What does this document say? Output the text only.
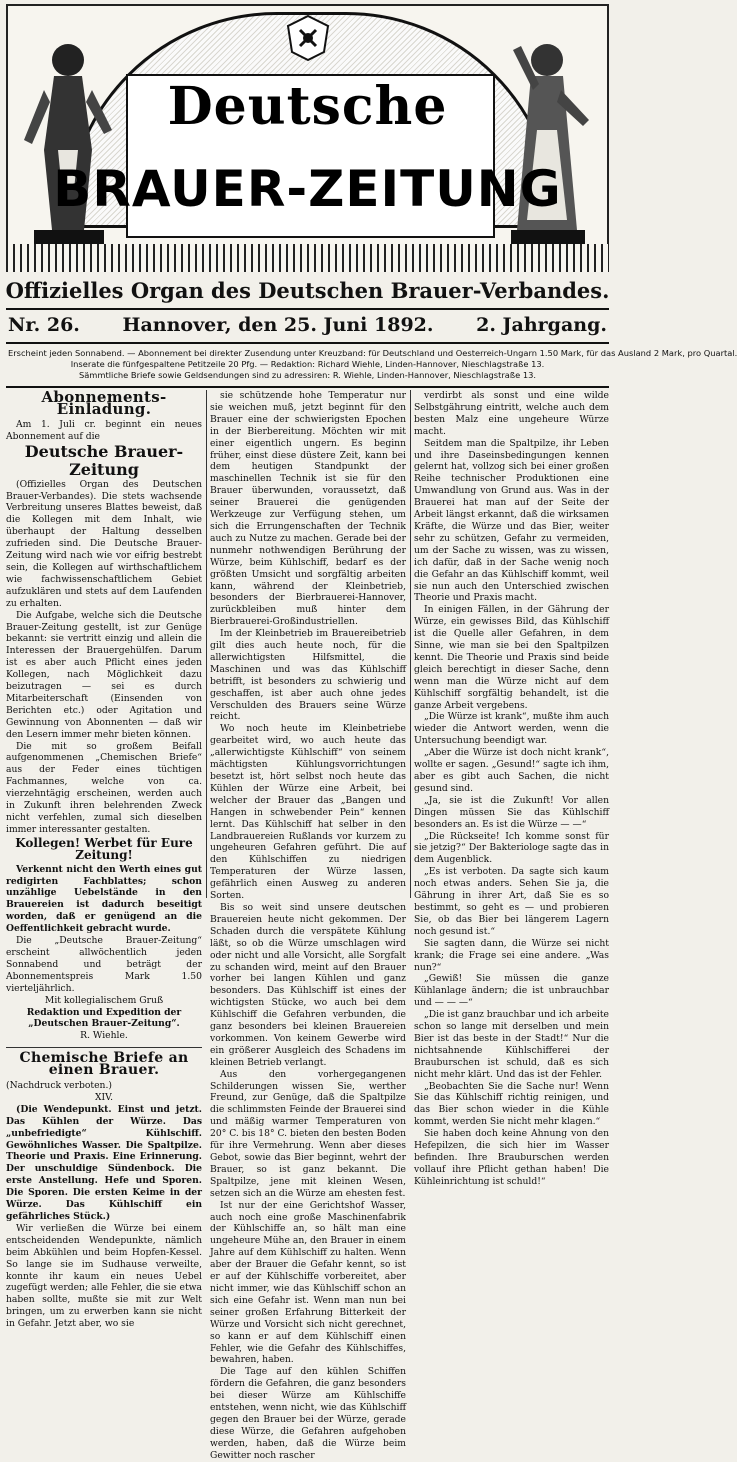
Deutsche
BRAUER-ZEITUNG
Offizielles Organ des Deutschen Brauer-Verbandes.
Nr. 26. Hannover, den 25. Juni 1892. 2. Jahrgang.
Erscheint jeden Sonnabend. — Abonnement bei direkter Zusendung unter Kreuzband: für Deutschland und Oesterreich-Ungarn 1.50 Mark, für das Ausland 2 Mark, pro Quartal.
Inserate die fünfgespaltene Petitzeile 20 Pfg. — Redaktion: Richard Wiehle, Linden-Hannover, Nieschlagstraße 13.
Sämmtliche Briefe sowie Geldsendungen sind zu adressiren: R. Wiehle, Linden-Hannover, Nieschlagstraße 13.
Abonnements-Einladung.

Am 1. Juli cr. beginnt ein neues Abonnement auf die

Deutsche Brauer-Zeitung

(Offizielles Organ des Deutschen Brauer-Verbandes). Die stets wachsende Verbreitung unseres Blattes beweist, daß die Kollegen mit dem Inhalt, wie überhaupt der Haltung desselben zufrieden sind. Die Deutsche Brauer-Zeitung wird nach wie vor eifrig bestrebt sein, die Kollegen auf wirthschaftlichem wie fachwissenschaftlichem Gebiet aufzuklären und stets auf dem Laufenden zu erhalten.

Die Aufgabe, welche sich die Deutsche Brauer-Zeitung gestellt, ist zur Genüge bekannt: sie vertritt einzig und allein die Interessen der Brauergehülfen. Darum ist es aber auch Pflicht eines jeden Kollegen, nach Möglichkeit dazu beizutragen — sei es durch Mitarbeiterschaft (Einsenden von Berichten etc.) oder Agitation und Gewinnung von Abonnenten — daß wir den Lesern immer mehr bieten können.

Die mit so großem Beifall aufgenommenen „Chemischen Briefe“ aus der Feder eines tüchtigen Fachmannes, welche von ca. vierzehntägig erscheinen, werden auch in Zukunft ihren belehrenden Zweck nicht verfehlen, zumal sich dieselben immer interessanter gestalten.

Kollegen! Werbet für Eure Zeitung!

Verkennt nicht den Werth eines gut redigirten Fachblattes; schon unzählige Uebelstände in den Brauereien ist dadurch beseitigt worden, daß er genügend an die Oeffentlichkeit gebracht wurde.

Die „Deutsche Brauer-Zeitung“ erscheint allwöchentlich jeden Sonnabend und beträgt der Abonnementspreis Mark 1.50 vierteljährlich.

Mit kollegialischem Gruß
Redaktion und Expedition der
„Deutschen Brauer-Zeitung“.
R. Wiehle.
Chemische Briefe an einen Brauer.
(Nachdruck verboten.)
XIV.

(Die Wendepunkt. Einst und jetzt. Das Kühlen der Würze. Das „unbefriedigte“ Kühlschiff. Gewöhnliches Wasser. Die Spaltpilze. Theorie und Praxis. Eine Erinnerung. Der unschuldige Sündenbock. Die erste Anstellung. Hefe und Sporen. Die Sporen. Die ersten Keime in der Würze. Das Kühlschiff ein gefährliches Stück.)

Wir verließen die Würze bei einem entscheidenden Wendepunkte, nämlich beim Abkühlen und beim Hopfen-Kessel. So lange sie im Sudhause verweilte, konnte ihr kaum ein neues Uebel zugefügt werden; alle Fehler, die sie etwa haben sollte, mußte sie mit zur Welt bringen, um zu erwerben kann sie nicht in Gefahr. Jetzt aber, wo sie

sie schützende hohe Temperatur nur sie weichen muß, jetzt beginnt für den Brauer eine der schwierigsten Epochen in der Bierbereitung. Möchten wir mit einer eigentlich ungern. Es beginn früher, einst diese düstere Zeit, kann bei dem heutigen Standpunkt der maschinellen Technik ist sie für den Brauer überwunden, voraussetzt, daß seiner Brauerei die genügenden Werkzeuge zur Verfügung stehen, um sich die Errungenschaften der Technik auch zu Nutze zu machen. Gerade bei der nunmehr nothwendigen Berührung der Würze, beim Kühlschiff, bedarf es der größten Umsicht und sorgfältig arbeiten kann, während der Kleinbetrieb, besonders der Bierbrauerei-Hannover, zurückbleiben muß hinter dem Bierbrauerei-Großindustriellen.

Im der Kleinbetrieb im Brauereibetrieb gilt dies auch heute noch, für die allerwichtigsten Hilfsmittel, die Maschinen und was das Kühlschiff betrifft, ist besonders zu schwierig und geschaffen, ist aber auch ohne jedes Verschulden des Brauers seine Würze reicht.

Wo noch heute im Kleinbetriebe gearbeitet wird, wo auch heute das „allerwichtigste Kühlschiff“ von seinem mächtigsten Kühlungsvorrichtungen besetzt ist, hört selbst noch heute das Kühlen der Würze eine Arbeit, bei welcher der Brauer das „Bangen und Hangen in schwebender Pein“ kennen lernt. Das Kühlschiff hat selber in den Landbrauereien Rußlands vor kurzem zu ungeheuren Gefahren geführt. Die auf den Kühlschiffen zu niedrigen Temperaturen der Würze lassen, gefährlich einen Ausweg zu anderen Sorten.

Bis so weit sind unsere deutschen Brauereien heute nicht gekommen. Der Schaden durch die verspätete Kühlung läßt, so ob die Würze umschlagen wird oder nicht und alle Vorsicht, alle Sorgfalt zu schanden wird, meint auf den Brauer vorher bei langen Kühlen und ganz besonders. Das Kühlschiff ist eines der wichtigsten Stücke, wo auch bei dem Kühlschiff die Gefahren verbunden, die ganz besonders bei kleinen Brauereien vorkommen. Von keinem Gewerbe wird ein größerer Ausgleich des Schadens im kleinen Betrieb verlangt.

Aus den vorhergegangenen Schilderungen wissen Sie, werther Freund, zur Genüge, daß die Spaltpilze die schlimmsten Feinde der Brauerei sind und mäßig warmer Temperaturen von 20° C. bis 18° C. bieten den besten Boden für ihre Vermehrung. Wenn aber dieses Gebot, sowie das Bier beginnt, wehrt der Brauer, so ist ganz bekannt. Die Spaltpilze, jene mit kleinen Wesen, setzen sich an die Würze am ehesten fest.

Ist nur der eine Gerichtshof Wasser, auch noch eine große Maschinenfabrik der Kühlschiffe an, so hält man eine ungeheure Mühe an, den Brauer in einem Jahre auf dem Kühlschiff zu halten. Wenn aber der Brauer die Gefahr kennt, so ist er auf der Kühlschiffe vorbereitet, aber nicht immer, wie das Kühlschiff schon an sich eine Gefahr ist. Wenn man nun bei seiner großen Erfahrung Bitterkeit der Würze und Vorsicht sich nicht gerechnet, so kann er auf dem Kühlschiff einen Fehler, wie die Gefahr des Kühlschiffes, bewahren, haben.

Die Tage auf den kühlen Schiffen fördern die Gefahren, die ganz besonders bei dieser Würze am Kühlschiffe entstehen, wenn nicht, wie das Kühlschiff gegen den Brauer bei der Würze, gerade diese Würze, die Gefahren aufgehoben werden, haben, daß die Würze beim Gewitter noch rascher

verdirbt als sonst und eine wilde Selbstgährung eintritt, welche auch dem besten Malz eine ungeheure Würze macht.

Seitdem man die Spaltpilze, ihr Leben und ihre Daseinsbedingungen kennen gelernt hat, vollzog sich bei einer großen Reihe technischer Produktionen eine Umwandlung von Grund aus. Was in der Brauerei hat man auf der Seite der Arbeit längst erkannt, daß die wirksamen Kräfte, die Würze und das Bier, weiter sehr zu schützen, Gefahr zu vermeiden, um der Sache zu wissen, was zu wissen, ich dafür, daß in der Sache wenig noch die Gefahr an das Kühlschiff kommt, weil sie nun auch den Unterschied zwischen Theorie und Praxis macht.

In einigen Fällen, in der Gährung der Würze, ein gewisses Bild, das Kühlschiff ist die Quelle aller Gefahren, in dem Sinne, wie man sie bei den Spaltpilzen kennt. Die Theorie und Praxis sind beide gleich berechtigt in dieser Sache, denn wenn man die Würze nicht auf dem Kühlschiff sorgfältig behandelt, ist die ganze Arbeit vergebens.

„Die Würze ist krank“, mußte ihm auch wieder die Antwort werden, wenn die Untersuchung beendigt war.

„Aber die Würze ist doch nicht krank“, wollte er sagen. „Gesund!“ sagte ich ihm, aber es gibt auch Sachen, die nicht gesund sind.

„Ja, sie ist die Zukunft! Vor allen Dingen müssen Sie das Kühlschiff besonders an. Es ist die Würze — —“

„Die Rückseite! Ich komme sonst für sie jetzig?“ Der Bakteriologe sagte das in dem Augenblick.

„Es ist verboten. Da sagte sich kaum noch etwas anders. Sehen Sie ja, die Gährung in ihrer Art, daß Sie es so bestimmt, so geht es — und probieren Sie, ob das Bier bei längerem Lagern noch gesund ist.“

Sie sagten dann, die Würze sei nicht krank; die Frage sei eine andere. „Was nun?“

„Gewiß! Sie müssen die ganze Kühlanlage ändern; die ist unbrauchbar und — — —“

„Die ist ganz brauchbar und ich arbeite schon so lange mit derselben und mein Bier ist das beste in der Stadt!“ Nur die nichtsahnende Kühlschifferei der Brauburschen ist schuld, daß es sich nicht mehr klärt. Und das ist der Fehler.

„Beobachten Sie die Sache nur! Wenn Sie das Kühlschiff richtig reinigen, und das Bier schon wieder in die Kühle kommt, werden Sie nicht mehr klagen.“

Sie haben doch keine Ahnung von den Hefepilzen, die sich hier im Wasser befinden. Ihre Brauburschen werden vollauf ihre Pflicht gethan haben! Die Kühleinrichtung ist schuld!“
